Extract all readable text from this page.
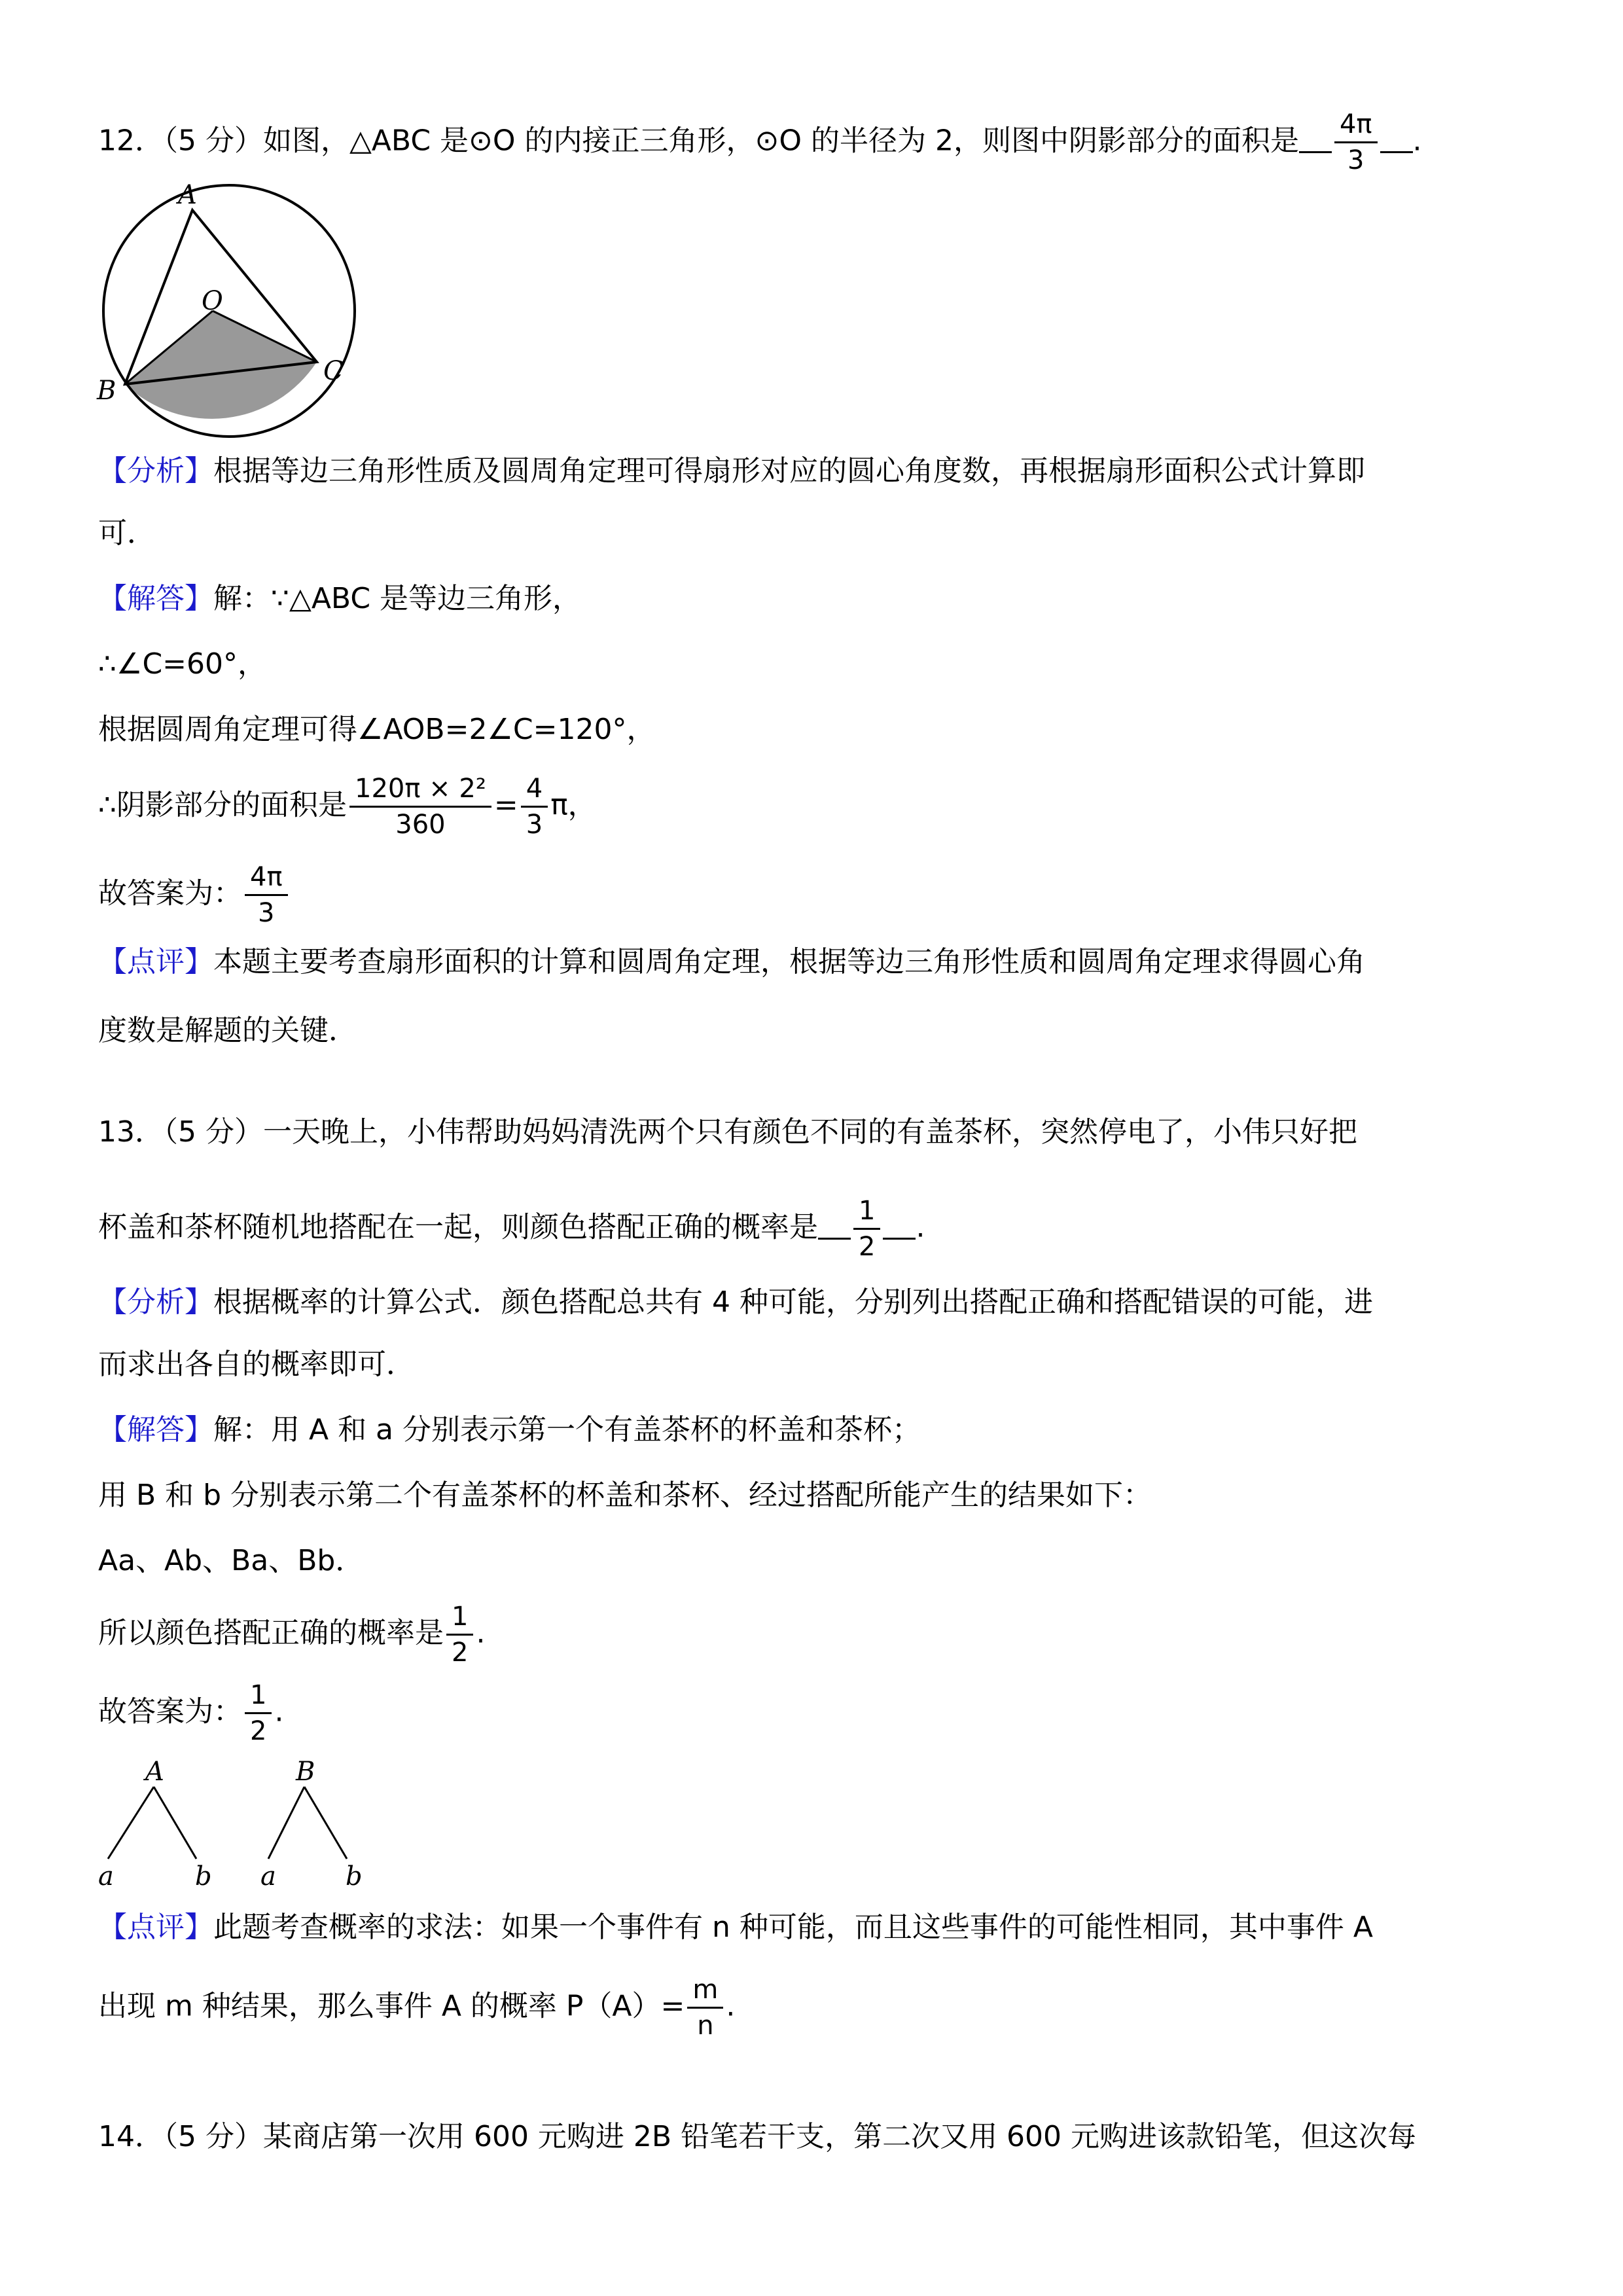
12．（5 分）如图，△ABC 是⊙O 的内接正三角形，⊙O 的半径为 2，则图中阴影部分的面积是 $\frac{4\pi}{3}$ .
A
O
B
C
【分析】根据等边三角形性质及圆周角定理可得扇形对应的圆心角度数，再根据扇形面积公式计算即
可．
【解答】解：∵△ABC 是等边三角形，
∴∠C=60°，
根据圆周角定理可得∠AOB=2∠C=120°，
∴阴影部分的面积是 $\frac{\text{120π × 2²}}{360} = \frac{4}{3}$ π，
故答案为： $\frac{4\pi}{3}$
【点评】本题主要考查扇形面积的计算和圆周角定理，根据等边三角形性质和圆周角定理求得圆心角
度数是解题的关键．
13．（5 分）一天晚上，小伟帮助妈妈清洗两个只有颜色不同的有盖茶杯，突然停电了，小伟只好把
杯盖和茶杯随机地搭配在一起，则颜色搭配正确的概率是 $\frac{1}{2}$ .
【分析】根据概率的计算公式．颜色搭配总共有 4 种可能，分别列出搭配正确和搭配错误的可能，进
而求出各自的概率即可．
【解答】解：用 A 和 a 分别表示第一个有盖茶杯的杯盖和茶杯；
用 B 和 b 分别表示第二个有盖茶杯的杯盖和茶杯、经过搭配所能产生的结果如下：
Aa、Ab、Ba、Bb．
所以颜色搭配正确的概率是 $\frac{1}{2}$ .
故答案为： $\frac{1}{2}$ .
A
a	b
B
a	b
【点评】此题考查概率的求法：如果一个事件有 n 种可能，而且这些事件的可能性相同，其中事件 A
出现 m 种结果，那么事件 A 的概率 $P(A)= \frac{m}{n}$ .
14．（5 分）某商店第一次用 600 元购进 2B 铅笔若干支，第二次又用 600 元购进该款铅笔，但这次每
